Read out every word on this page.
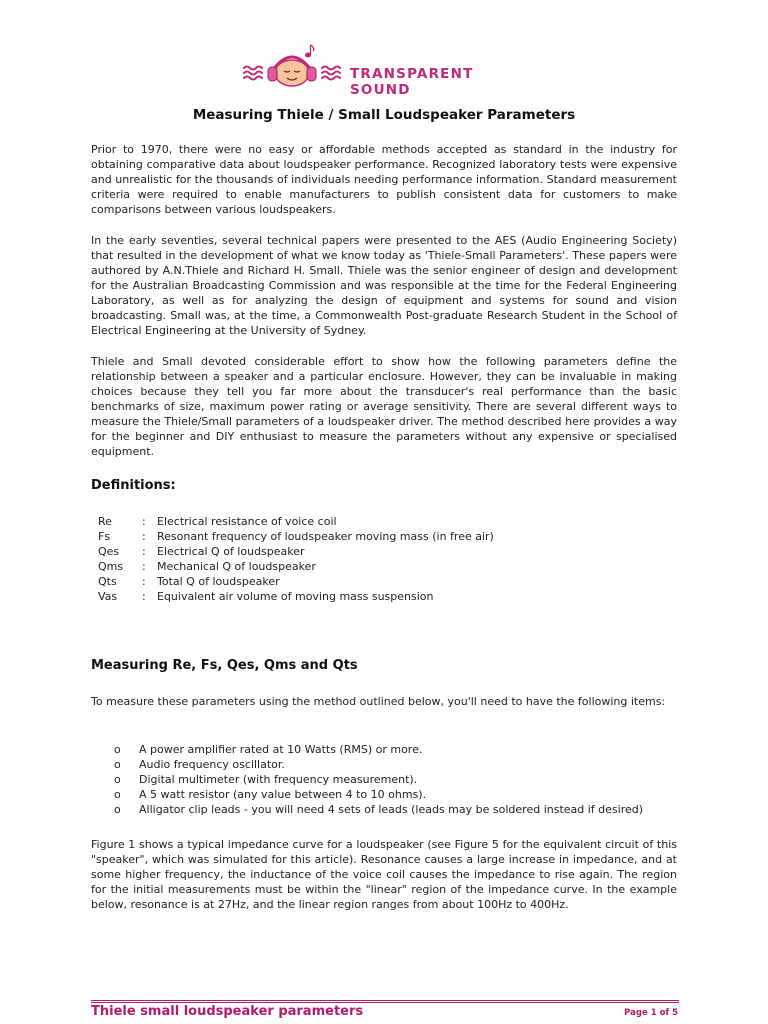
TRANSPARENT SOUND
Measuring Thiele / Small Loudspeaker Parameters

Prior to 1970, there were no easy or affordable methods accepted as standard in the industry for obtaining comparative data about loudspeaker performance. Recognized laboratory tests were expensive and unrealistic for the thousands of individuals needing performance information. Standard measurement criteria were required to enable manufacturers to publish consistent data for customers to make comparisons between various loudspeakers.

In the early seventies, several technical papers were presented to the AES (Audio Engineering Society) that resulted in the development of what we know today as 'Thiele-Small Parameters'. These papers were authored by A.N.Thiele and Richard H. Small. Thiele was the senior engineer of design and development for the Australian Broadcasting Commission and was responsible at the time for the Federal Engineering Laboratory, as well as for analyzing the design of equipment and systems for sound and vision broadcasting. Small was, at the time, a Commonwealth Post-graduate Research Student in the School of Electrical Engineering at the University of Sydney.

Thiele and Small devoted considerable effort to show how the following parameters define the relationship between a speaker and a particular enclosure. However, they can be invaluable in making choices because they tell you far more about the transducer's real performance than the basic benchmarks of size, maximum power rating or average sensitivity. There are several different ways to measure the Thiele/Small parameters of a loudspeaker driver. The method described here provides a way for the beginner and DIY enthusiast to measure the parameters without any expensive or specialised equipment.

Definitions:
Re	:	Electrical resistance of voice coil
Fs	:	Resonant frequency of loudspeaker moving mass (in free air)
Qes	:	Electrical Q of loudspeaker
Qms	:	Mechanical Q of loudspeaker
Qts	:	Total Q of loudspeaker
Vas	:	Equivalent air volume of moving mass suspension
Measuring Re, Fs, Qes, Qms and Qts

To measure these parameters using the method outlined below, you'll need to have the following items:

o	A power amplifier rated at 10 Watts (RMS) or more.
o	Audio frequency oscillator.
o	Digital multimeter (with frequency measurement).
o	A 5 watt resistor (any value between 4 to 10 ohms).
o	Alligator clip leads - you will need 4 sets of leads (leads may be soldered instead if desired)

Figure 1 shows a typical impedance curve for a loudspeaker (see Figure 5 for the equivalent circuit of this "speaker", which was simulated for this article). Resonance causes a large increase in impedance, and at some higher frequency, the inductance of the voice coil causes the impedance to rise again. The region for the initial measurements must be within the "linear" region of the impedance curve. In the example below, resonance is at 27Hz, and the linear region ranges from about 100Hz to 400Hz.

Thiele small loudspeaker parameters	Page 1 of 5
